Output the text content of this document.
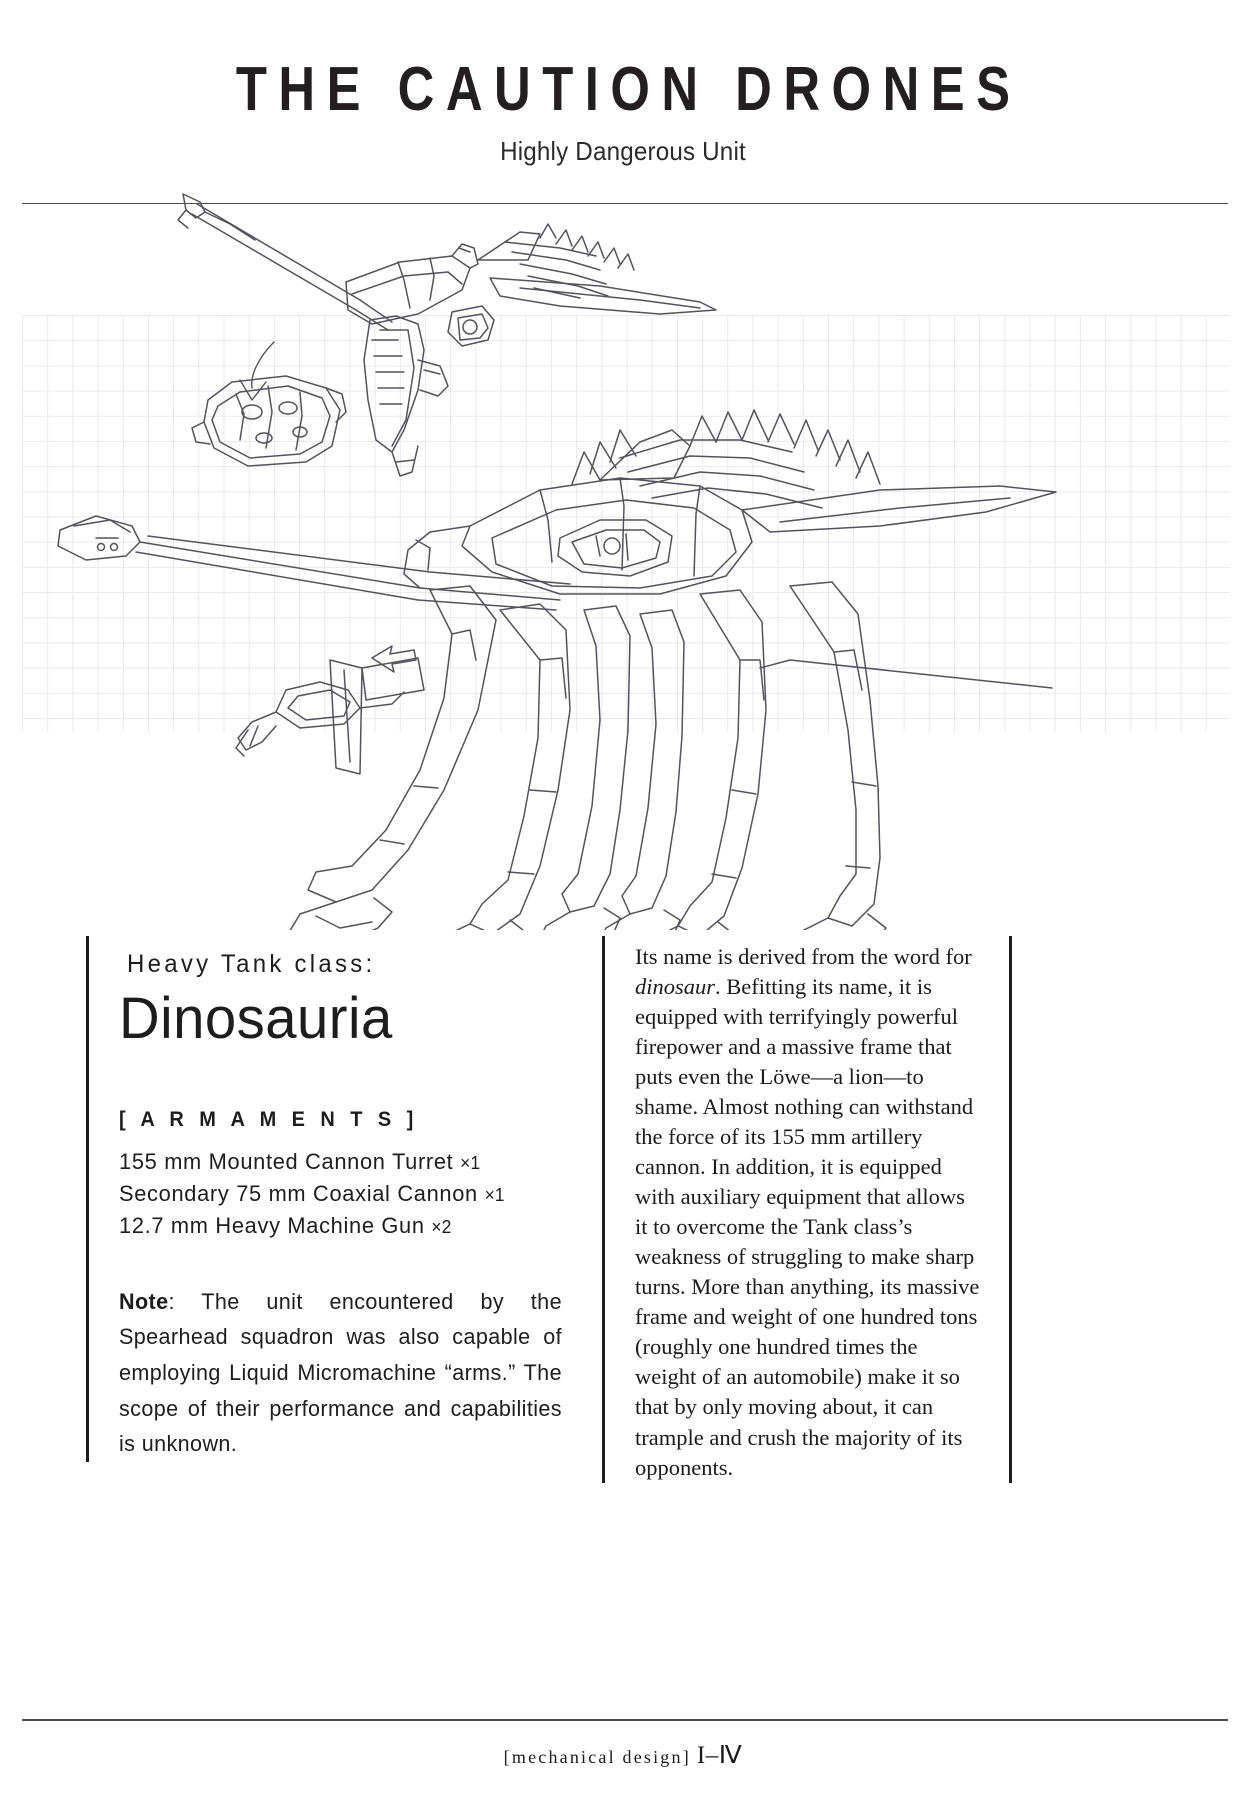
THE CAUTION DRONES

Highly Dangerous Unit

Heavy Tank class:
Dinosauria
[ A R M A M E N T S ]
155 mm Mounted Cannon Turret ×1
Secondary 75 mm Coaxial Cannon ×1
12.7 mm Heavy Machine Gun ×2
Note: The unit encountered by the Spearhead squadron was also capable of employing Liquid Micromachine “arms.” The scope of their performance and capabilities is unknown.
Its name is derived from the word for dinosaur. Befitting its name, it is equipped with terrifyingly powerful firepower and a massive frame that puts even the Löwe—a lion—to shame. Almost nothing can withstand the force of its 155 mm artillery cannon. In addition, it is equipped with auxiliary equipment that allows it to overcome the Tank class’s weakness of struggling to make sharp turns. More than anything, its massive frame and weight of one hundred tons (roughly one hundred times the weight of an automobile) make it so that by only moving about, it can trample and crush the majority of its opponents.
[mechanical design] I–Ⅳ
